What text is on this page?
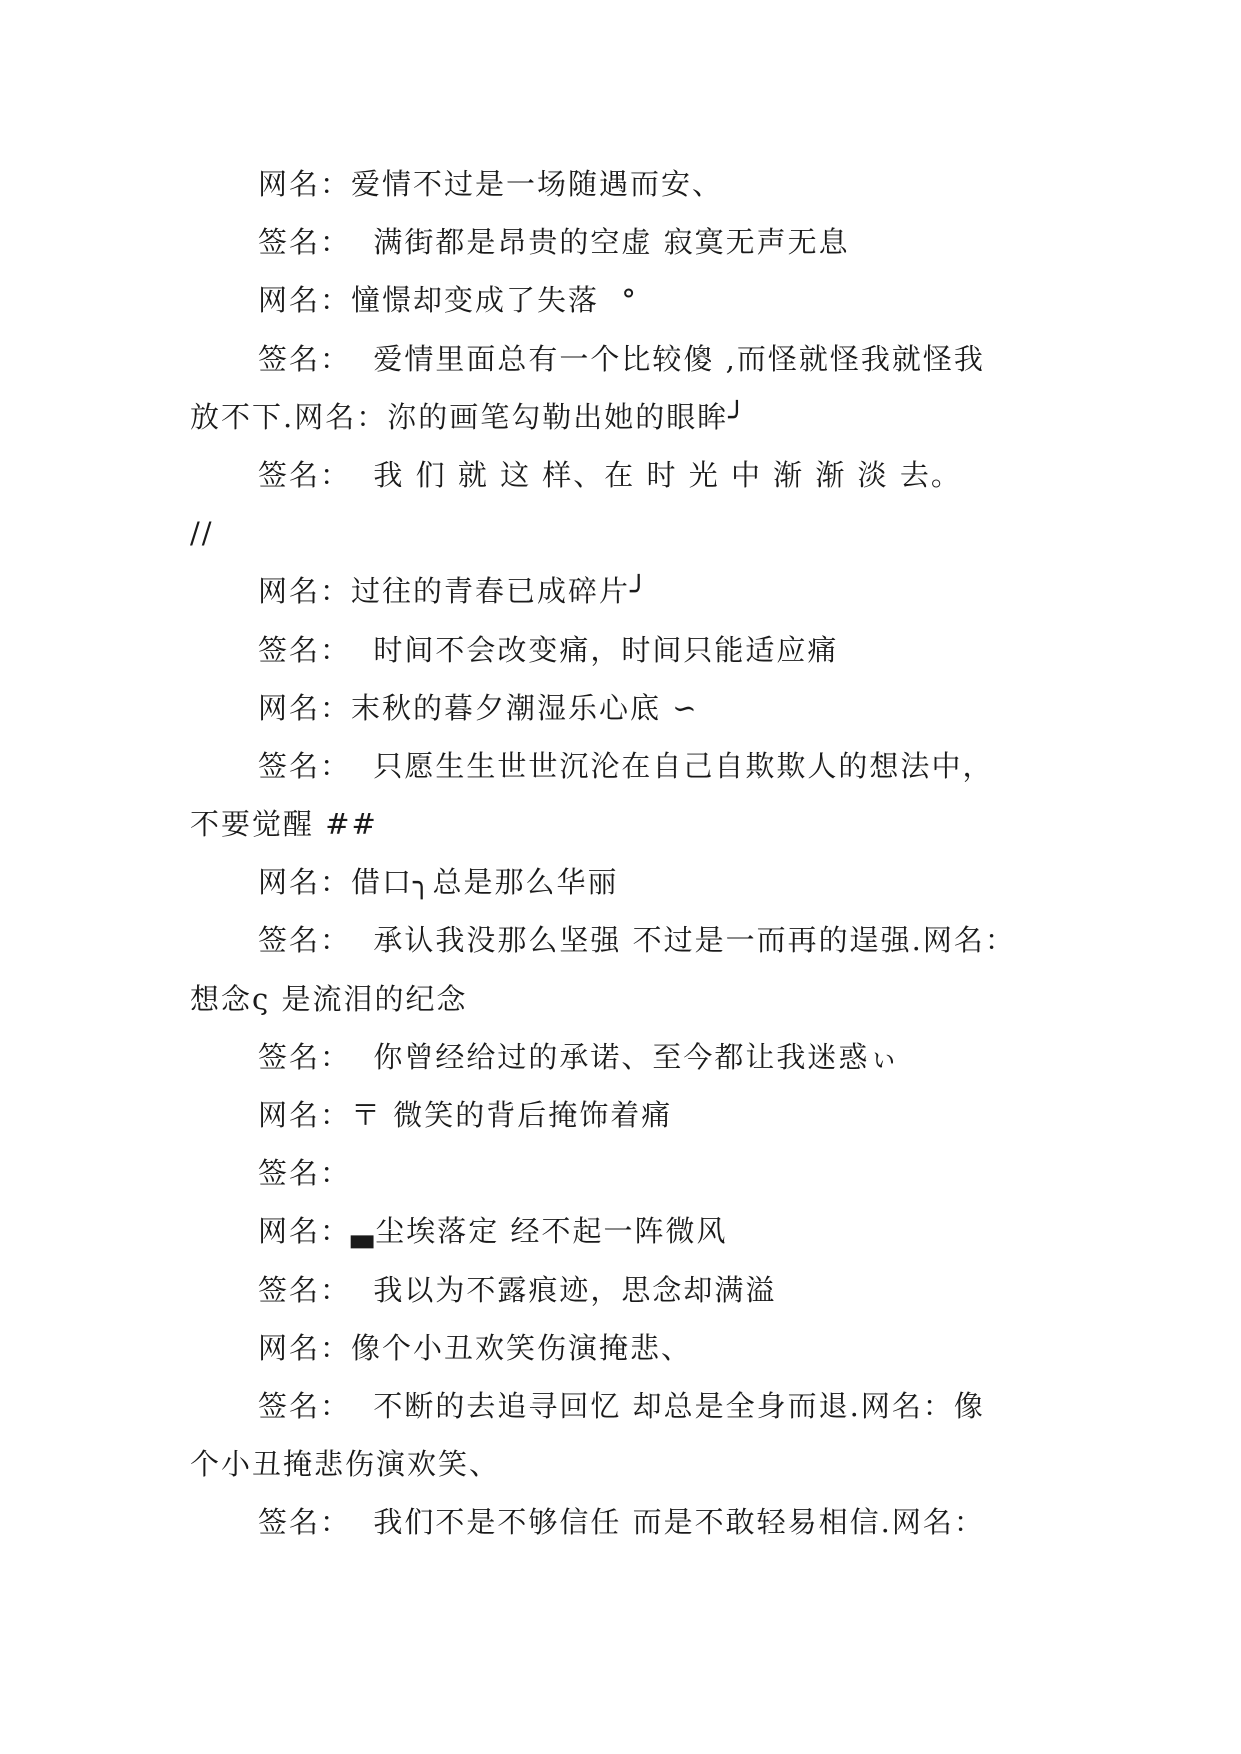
网名：爱情不过是一场随遇而安、
签名：  满街都是昂贵的空虚 寂寞无声无息
网名：憧憬却变成了失落  °
签名：  爱情里面总有一个比较傻 ,而怪就怪我就怪我
放不下.网名：沵的画笔勾勒出她的眼眸╯
签名：  我 们 就 这 样、在 时 光 中 渐 渐 淡 去。
//
网名：过往的青春已成碎片╯
签名：  时间不会改变痛，时间只能适应痛
网名：末秋的暮夕潮湿乐心底 ∽
签名：  只愿生生世世沉沦在自己自欺欺人的想法中，
不要觉醒 ##
网名：借口╮总是那么华丽
签名：  承认我没那么坚强 不过是一而再的逞强.网名：
想念ς 是流泪的纪念
签名：  你曾经给过的承诺、至今都让我迷惑ぃ
网名：〒 微笑的背后掩饰着痛
签名：
网名：▃尘埃落定 经不起一阵微风
签名：  我以为不露痕迹，思念却满溢
网名：像个小丑欢笑伤演掩悲、
签名：  不断的去追寻回忆 却总是全身而退.网名：像
个小丑掩悲伤演欢笑、
签名：  我们不是不够信任 而是不敢轻易相信.网名：
